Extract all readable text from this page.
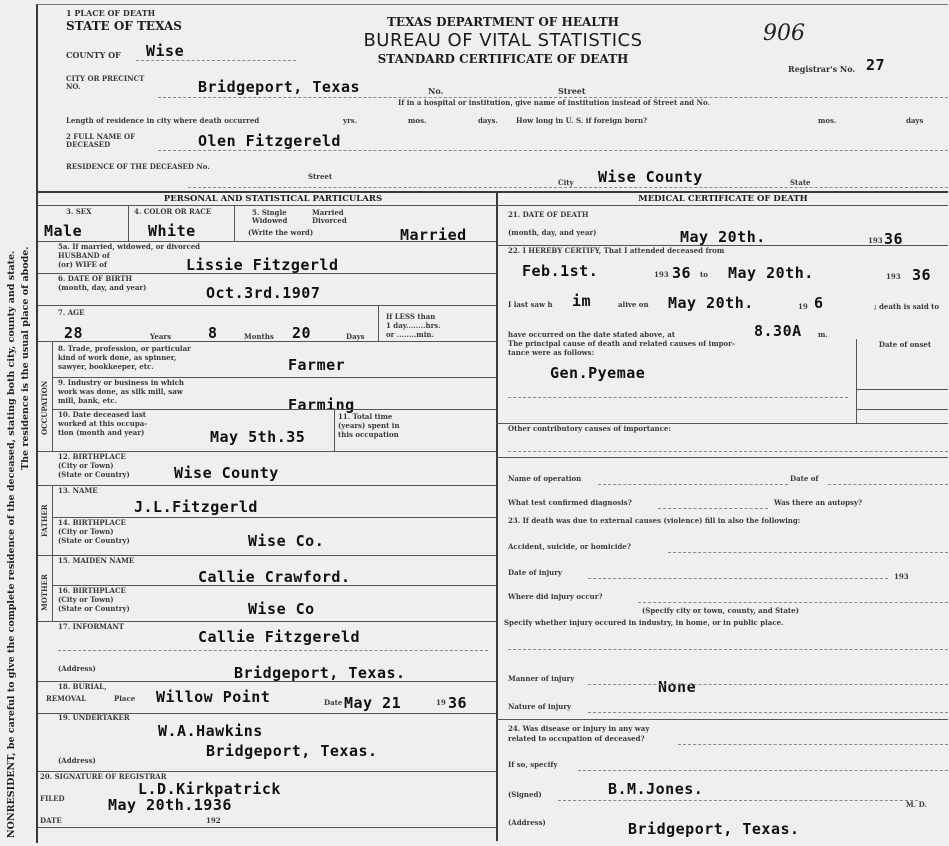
NONRESIDENT, be careful to give the complete residence of the deceased, stating both city, county and state. The residence is the usual place of abode.
1 PLACE OF DEATH
STATE OF TEXAS	TEXAS DEPARTMENT OF HEALTH
BUREAU OF VITAL STATISTICS
STANDARD CERTIFICATE OF DEATH
906
Registrar's No. 27
COUNTY OF Wise
CITY OR PRECINCT NO.	Bridgeport, Texas	No.	Street
If in a hospital or institution, give name of institution instead of Street and No.
Length of residence in city where death occurred	yrs.	mos.	days.	How long in U. S. if foreign born?	mos.	days
2 FULL NAME OF DECEASED	Olen Fitzgereld
RESIDENCE OF THE DECEASED No.
Street
City Wise County	State
PERSONAL AND STATISTICAL PARTICULARS
3. SEX
Male
4. COLOR OR RACE
White
5. Single Widowed
Married Divorced
(Write the word)	Married
5a. If married, widowed, or divorced
HUSBAND of
(or) WIFE of	Lissie Fitzgerld
6. DATE OF BIRTH
(month, day, and year)	Oct.3rd.1907
7. AGE
28	Years 8	Months 20	Days
If LESS than
1 day........hrs.
or ........min.
OCCUPATION
8. Trade, profession, or particular
kind of work done, as spinner,
sawyer, bookkeeper, etc.	Farmer
9. Industry or business in which
work was done, as silk mill, saw
mill, bank, etc.	Farming
10. Date deceased last
worked at this occupa-
tion (month and year)	May 5th.35
11. Total time
(years) spent in
this occupation
12. BIRTHPLACE
(City or Town)
(State or Country)	Wise County
FATHER
13. NAME
J.L.Fitzgerld
14. BIRTHPLACE
(City or Town)
(State or Country)	Wise Co.
MOTHER
15. MAIDEN NAME
Callie Crawford.
16. BIRTHPLACE
(City or Town)
(State or Country)	Wise Co
17. INFORMANT
Callie Fitzgereld
(Address)	Bridgeport, Texas.
18. BURIAL,
REMOVAL	Place Willow Point	Date May 21	19 36
19. UNDERTAKER
W.A.Hawkins
Bridgeport, Texas.
(Address)
20. SIGNATURE OF REGISTRAR
L.D.Kirkpatrick
FILED	May 20th.1936
DATE	192
MEDICAL CERTIFICATE OF DEATH
21. DATE OF DEATH
(month, day, and year)	May 20th.	193 36
22. I HEREBY CERTIFY, That I attended deceased from
Feb.1st.	193 36 to May 20th.	193 36
I last saw h im	alive on May 20th.	19 6	; death is said to
have occurred on the date stated above, at	8.30A m.
The principal cause of death and related causes of impor-
tance were as follows:
Date of onset
Gen.Pyemae
Other contributory causes of importance:
Name of operation	Date of
What test confirmed diagnosis?	Was there an autopsy?
23. If death was due to external causes (violence) fill in also the following:
Accident, suicide, or homicide?
Date of injury	193
Where did injury occur?
(Specify city or town, county, and State)
Specify whether injury occured in industry, in home, or in public place.
Manner of injury	None
Nature of injury
24. Was disease or injury in any way
related to occupation of deceased?
If so, specify
(Signed)	B.M.Jones.
M. D.
(Address)	Bridgeport, Texas.
